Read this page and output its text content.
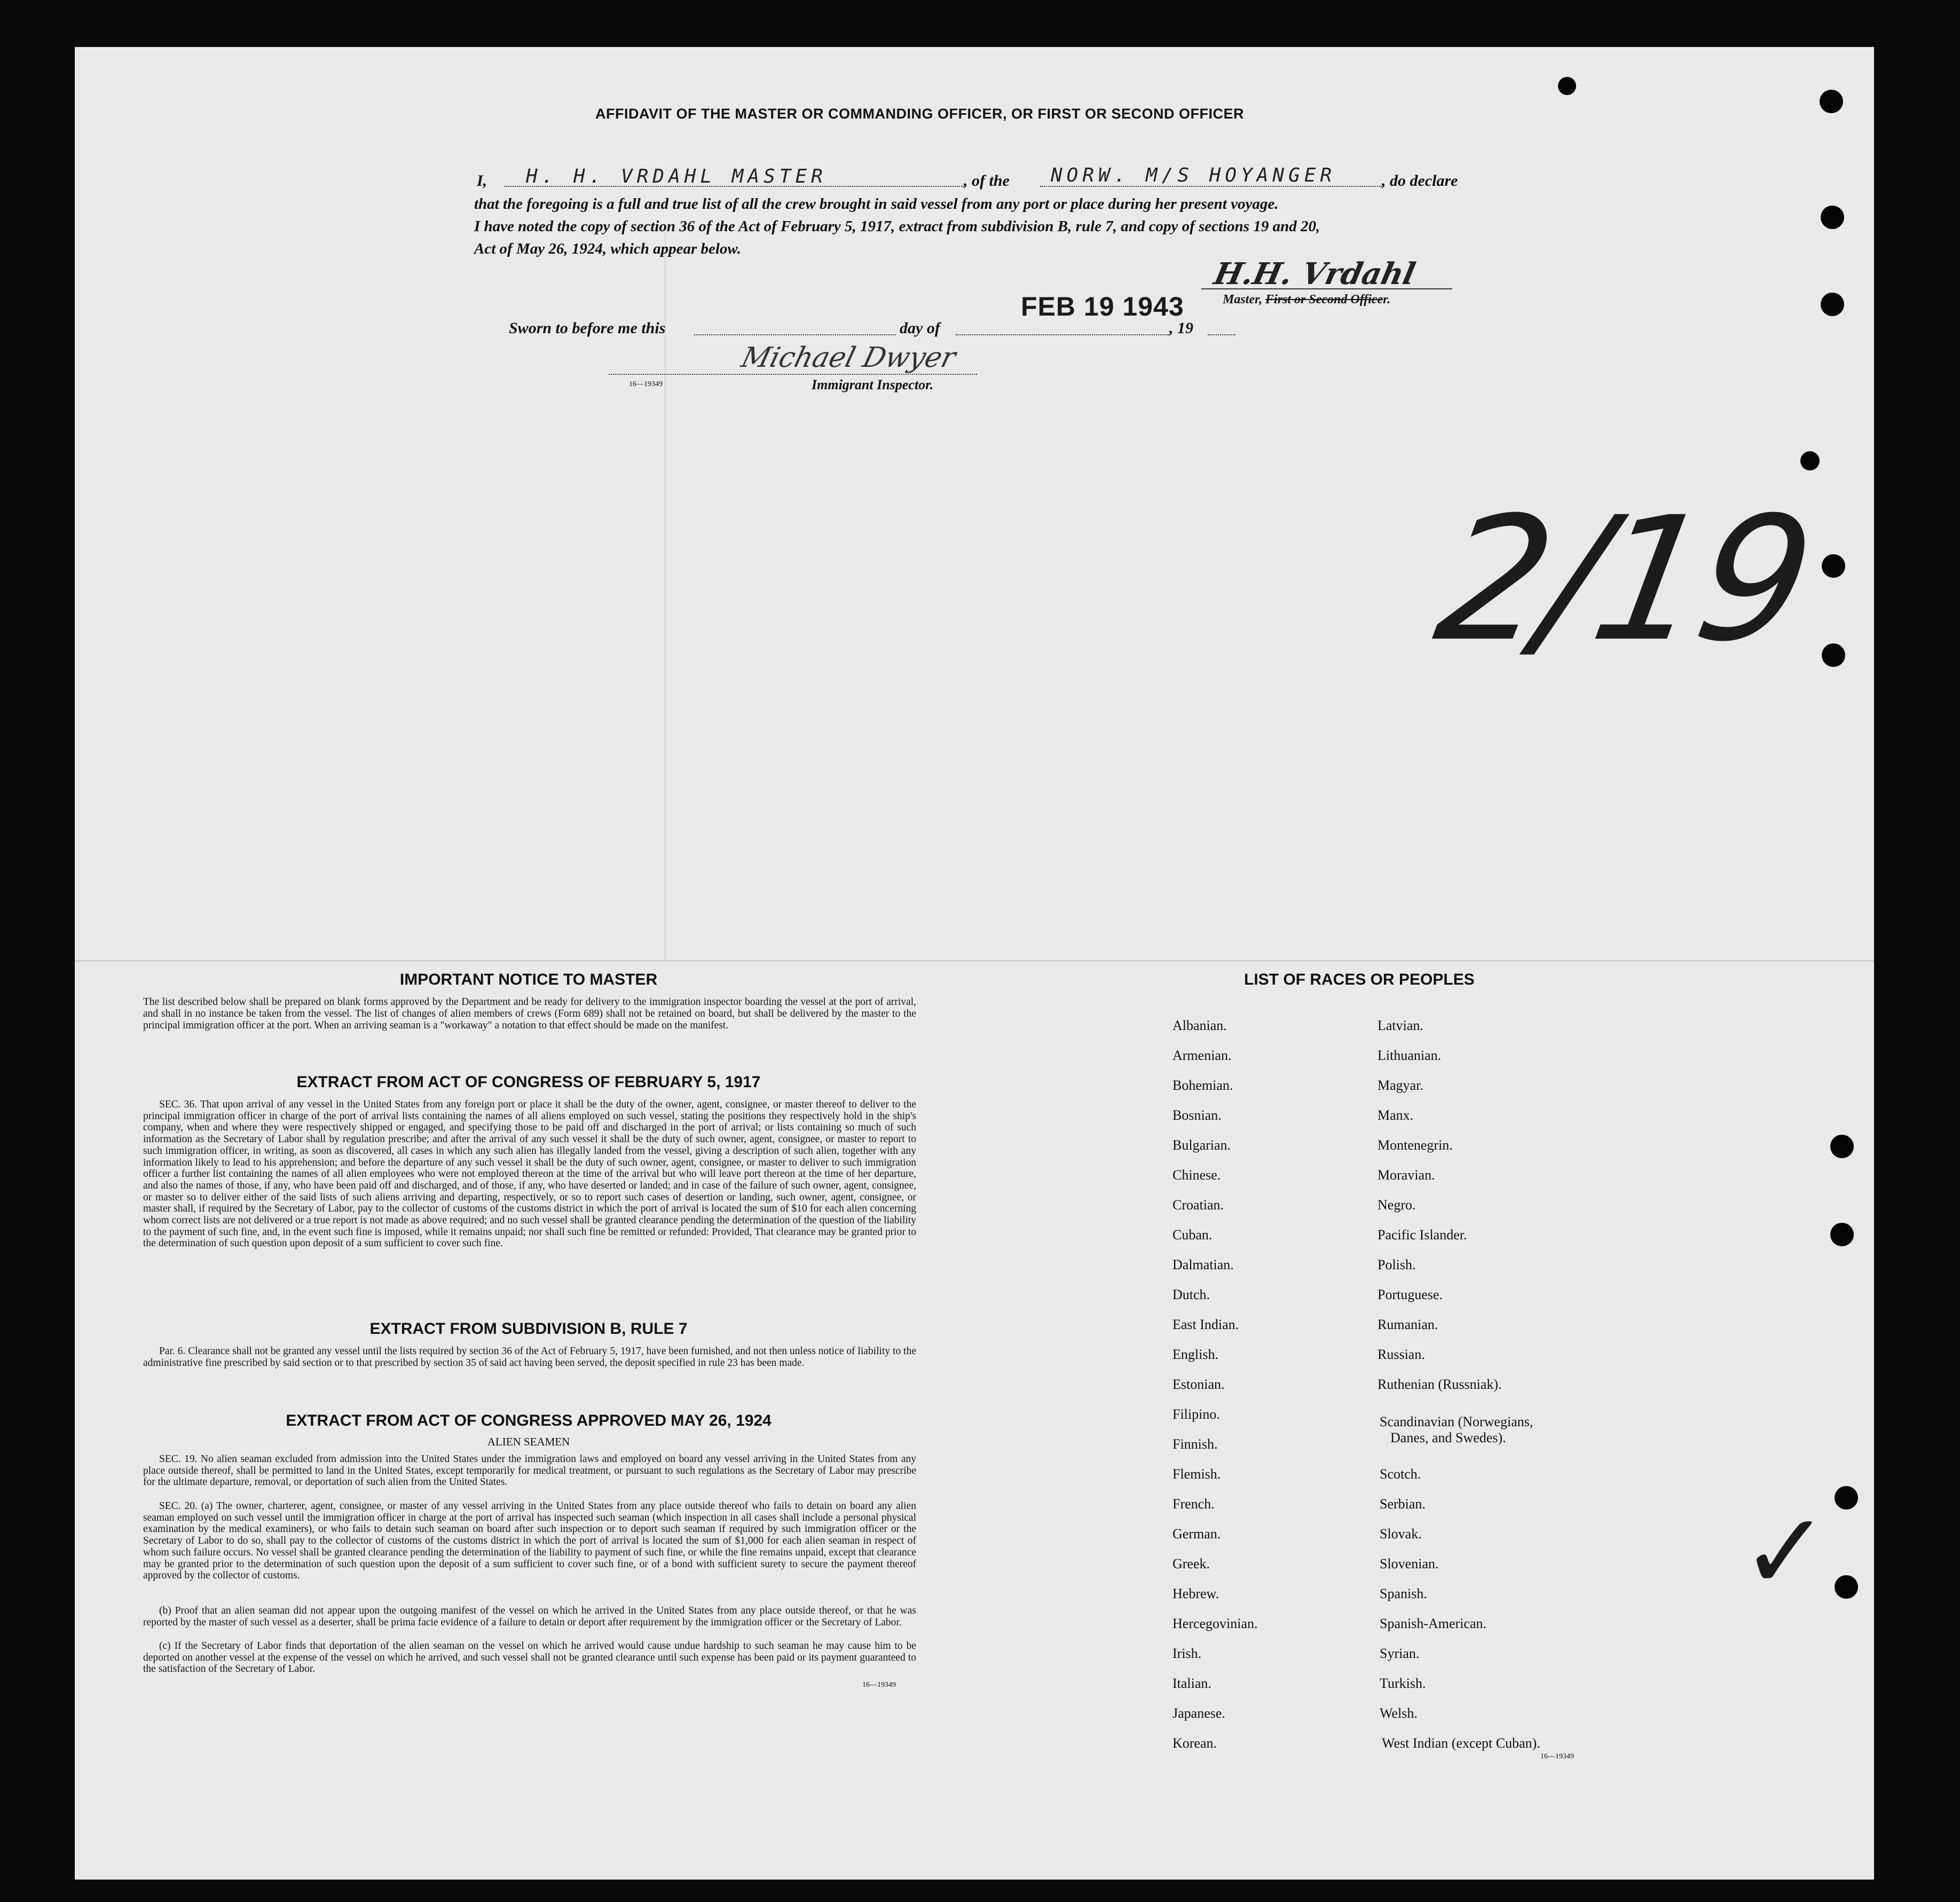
AFFIDAVIT OF THE MASTER OR COMMANDING OFFICER, OR FIRST OR SECOND OFFICER
I, H. H. VRDAHL MASTER	, of the NORW. M/S HOYANGER	, do declare
that the foregoing is a full and true list of all the crew brought in said vessel from any port or place during her present voyage.
I have noted the copy of section 36 of the Act of February 5, 1917, extract from subdivision B, rule 7, and copy of sections 19 and 20,
Act of May 26, 1924, which appear below.
H.H. Vrdahl
Master, First or Second Officer.
Sworn to before me this	day of
FEB 19 1943
, 19
Michael Dwyer
16—19349	Immigrant Inspector.
2/19
✓
IMPORTANT NOTICE TO MASTER
The list described below shall be prepared on blank forms approved by the Department and be ready for delivery to the immigration inspector boarding the vessel at the port of arrival, and shall in no instance be taken from the vessel. The list of changes of alien members of crews (Form 689) shall not be retained on board, but shall be delivered by the master to the principal immigration officer at the port. When an arriving seaman is a "workaway" a notation to that effect should be made on the manifest.
EXTRACT FROM ACT OF CONGRESS OF FEBRUARY 5, 1917
SEC. 36. That upon arrival of any vessel in the United States from any foreign port or place it shall be the duty of the owner, agent, consignee, or master thereof to deliver to the principal immigration officer in charge of the port of arrival lists containing the names of all aliens employed on such vessel, stating the positions they respectively hold in the ship's company, when and where they were respectively shipped or engaged, and specifying those to be paid off and discharged in the port of arrival; or lists containing so much of such information as the Secretary of Labor shall by regulation prescribe; and after the arrival of any such vessel it shall be the duty of such owner, agent, consignee, or master to report to such immigration officer, in writing, as soon as discovered, all cases in which any such alien has illegally landed from the vessel, giving a description of such alien, together with any information likely to lead to his apprehension; and before the departure of any such vessel it shall be the duty of such owner, agent, consignee, or master to deliver to such immigration officer a further list containing the names of all alien employees who were not employed thereon at the time of the arrival but who will leave port thereon at the time of her departure, and also the names of those, if any, who have been paid off and discharged, and of those, if any, who have deserted or landed; and in case of the failure of such owner, agent, consignee, or master so to deliver either of the said lists of such aliens arriving and departing, respectively, or so to report such cases of desertion or landing, such owner, agent, consignee, or master shall, if required by the Secretary of Labor, pay to the collector of customs of the customs district in which the port of arrival is located the sum of $10 for each alien concerning whom correct lists are not delivered or a true report is not made as above required; and no such vessel shall be granted clearance pending the determination of the question of the liability to the payment of such fine, and, in the event such fine is imposed, while it remains unpaid; nor shall such fine be remitted or refunded: Provided, That clearance may be granted prior to the determination of such question upon deposit of a sum sufficient to cover such fine.
EXTRACT FROM SUBDIVISION B, RULE 7
Par. 6. Clearance shall not be granted any vessel until the lists required by section 36 of the Act of February 5, 1917, have been furnished, and not then unless notice of liability to the administrative fine prescribed by said section or to that prescribed by section 35 of said act having been served, the deposit specified in rule 23 has been made.
EXTRACT FROM ACT OF CONGRESS APPROVED MAY 26, 1924
ALIEN SEAMEN
SEC. 19. No alien seaman excluded from admission into the United States under the immigration laws and employed on board any vessel arriving in the United States from any place outside thereof, shall be permitted to land in the United States, except temporarily for medical treatment, or pursuant to such regulations as the Secretary of Labor may prescribe for the ultimate departure, removal, or deportation of such alien from the United States.
SEC. 20. (a) The owner, charterer, agent, consignee, or master of any vessel arriving in the United States from any place outside thereof who fails to detain on board any alien seaman employed on such vessel until the immigration officer in charge at the port of arrival has inspected such seaman (which inspection in all cases shall include a personal physical examination by the medical examiners), or who fails to detain such seaman on board after such inspection or to deport such seaman if required by such immigration officer or the Secretary of Labor to do so, shall pay to the collector of customs of the customs district in which the port of arrival is located the sum of $1,000 for each alien seaman in respect of whom such failure occurs. No vessel shall be granted clearance pending the determination of the liability to payment of such fine, or while the fine remains unpaid, except that clearance may be granted prior to the determination of such question upon the deposit of a sum sufficient to cover such fine, or of a bond with sufficient surety to secure the payment thereof approved by the collector of customs.
(b) Proof that an alien seaman did not appear upon the outgoing manifest of the vessel on which he arrived in the United States from any place outside thereof, or that he was reported by the master of such vessel as a deserter, shall be prima facie evidence of a failure to detain or deport after requirement by the immigration officer or the Secretary of Labor.
(c) If the Secretary of Labor finds that deportation of the alien seaman on the vessel on which he arrived would cause undue hardship to such seaman he may cause him to be deported on another vessel at the expense of the vessel on which he arrived, and such vessel shall not be granted clearance until such expense has been paid or its payment guaranteed to the satisfaction of the Secretary of Labor.
16—19349
LIST OF RACES OR PEOPLES
Albanian.
Armenian.
Bohemian.
Bosnian.
Bulgarian.
Chinese.
Croatian.
Cuban.
Dalmatian.
Dutch.
East Indian.
English.
Estonian.
Filipino.
Finnish.
Flemish.
French.
German.
Greek.
Hebrew.
Hercegovinian.
Irish.
Italian.
Japanese.
Korean.
Latvian.
Lithuanian.
Magyar.
Manx.
Montenegrin.
Moravian.
Negro.
Pacific Islander.
Polish.
Portuguese.
Rumanian.
Russian.
Ruthenian (Russniak).
Scandinavian (Norwegians,
Danes, and Swedes).
Scotch.
Serbian.
Slovak.
Slovenian.
Spanish.
Spanish-American.
Syrian.
Turkish.
Welsh.
West Indian (except Cuban).
16—19349
